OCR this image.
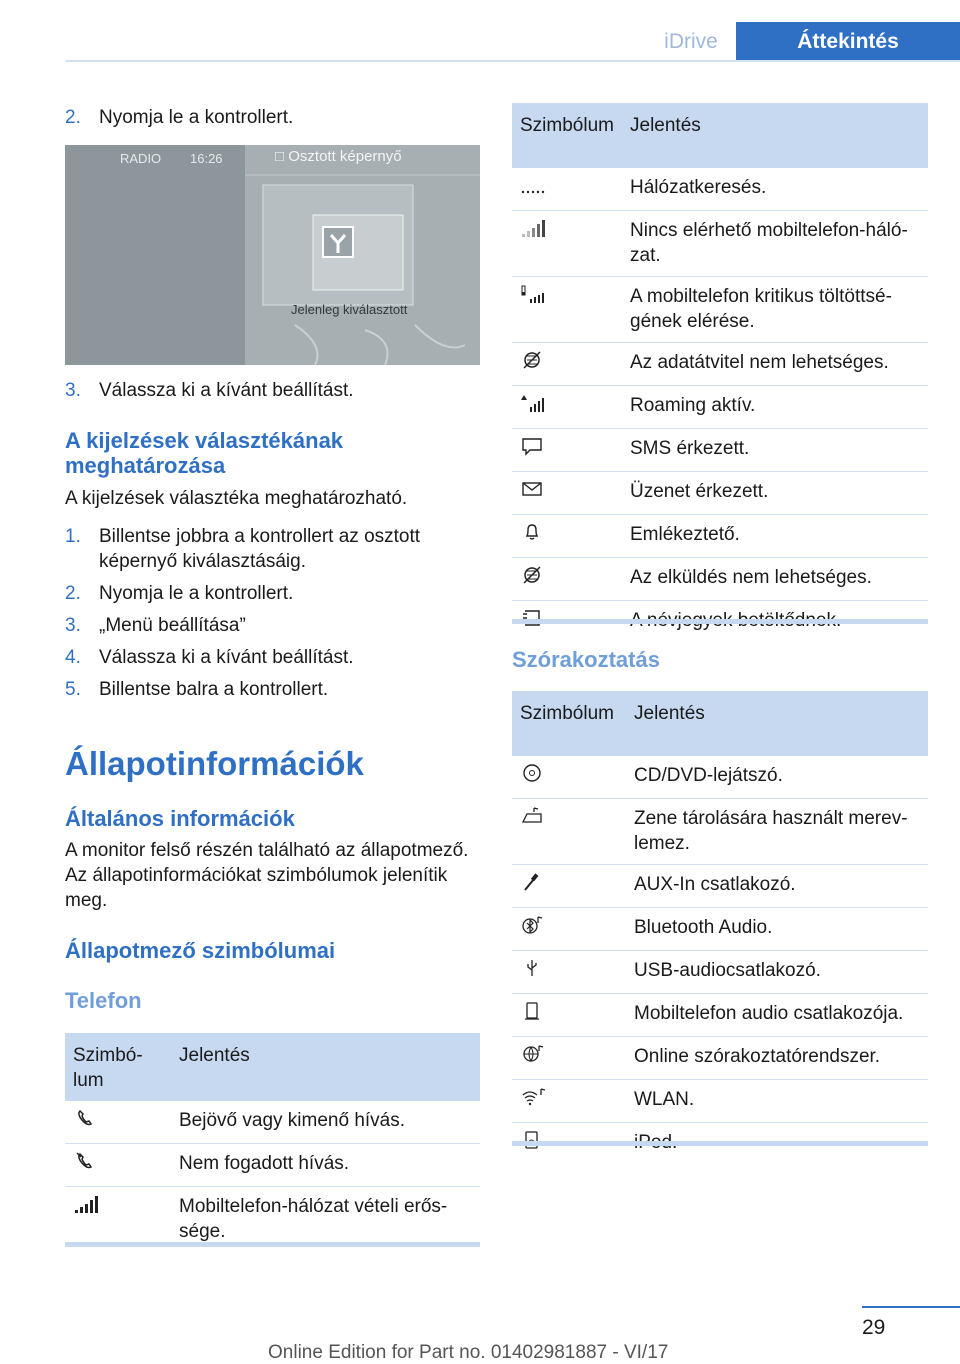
iDrive	Áttekintés
2. Nyomja le a kontrollert.
RADIO 16:26	□ Osztott képernyő
Jelenleg kiválasztott
3. Válassza ki a kívánt beállítást.
A kijelzések választékának meghatározása

A kijelzések választéka meghatározható.

1. Billentse jobbra a kontrollert az osztott képernyő kiválasztásáig.
2. Nyomja le a kontrollert.
3. „Menü beállítása”
4. Válassza ki a kívánt beállítást.
5. Billentse balra a kontrollert.
Állapotinformációk
Általános információk

A monitor felső részén található az állapotmező. Az állapotinformációkat szimbólumok jelenítik meg.

Állapotmező szimbólumai
Telefon
Szimbólum	Jelentés
	Bejövő vagy kimenő hívás.
	Nem fogadott hívás.
	Mobiltelefon-hálózat vételi erőssége.
Szimbólum	Jelentés
	Hálózatkeresés.
	Nincs elérhető mobiltelefon-hálózat.
	A mobiltelefon kritikus töltöttségének elérése.
	Az adatátvitel nem lehetséges.
	Roaming aktív.
	SMS érkezett.
	Üzenet érkezett.
	Emlékeztető.
	Az elküldés nem lehetséges.

Szórakoztatás
Szimbólum	Jelentés
	CD/DVD-lejátszó.
	Zene tárolására használt merevlemez.
	AUX-In csatlakozó.
	Bluetooth Audio.
	USB-audiocsatlakozó.
	Mobiltelefon audio csatlakozója.
	Online szórakoztatórendszer.
	WLAN.

29
Online Edition for Part no. 01402981887 - VI/17
